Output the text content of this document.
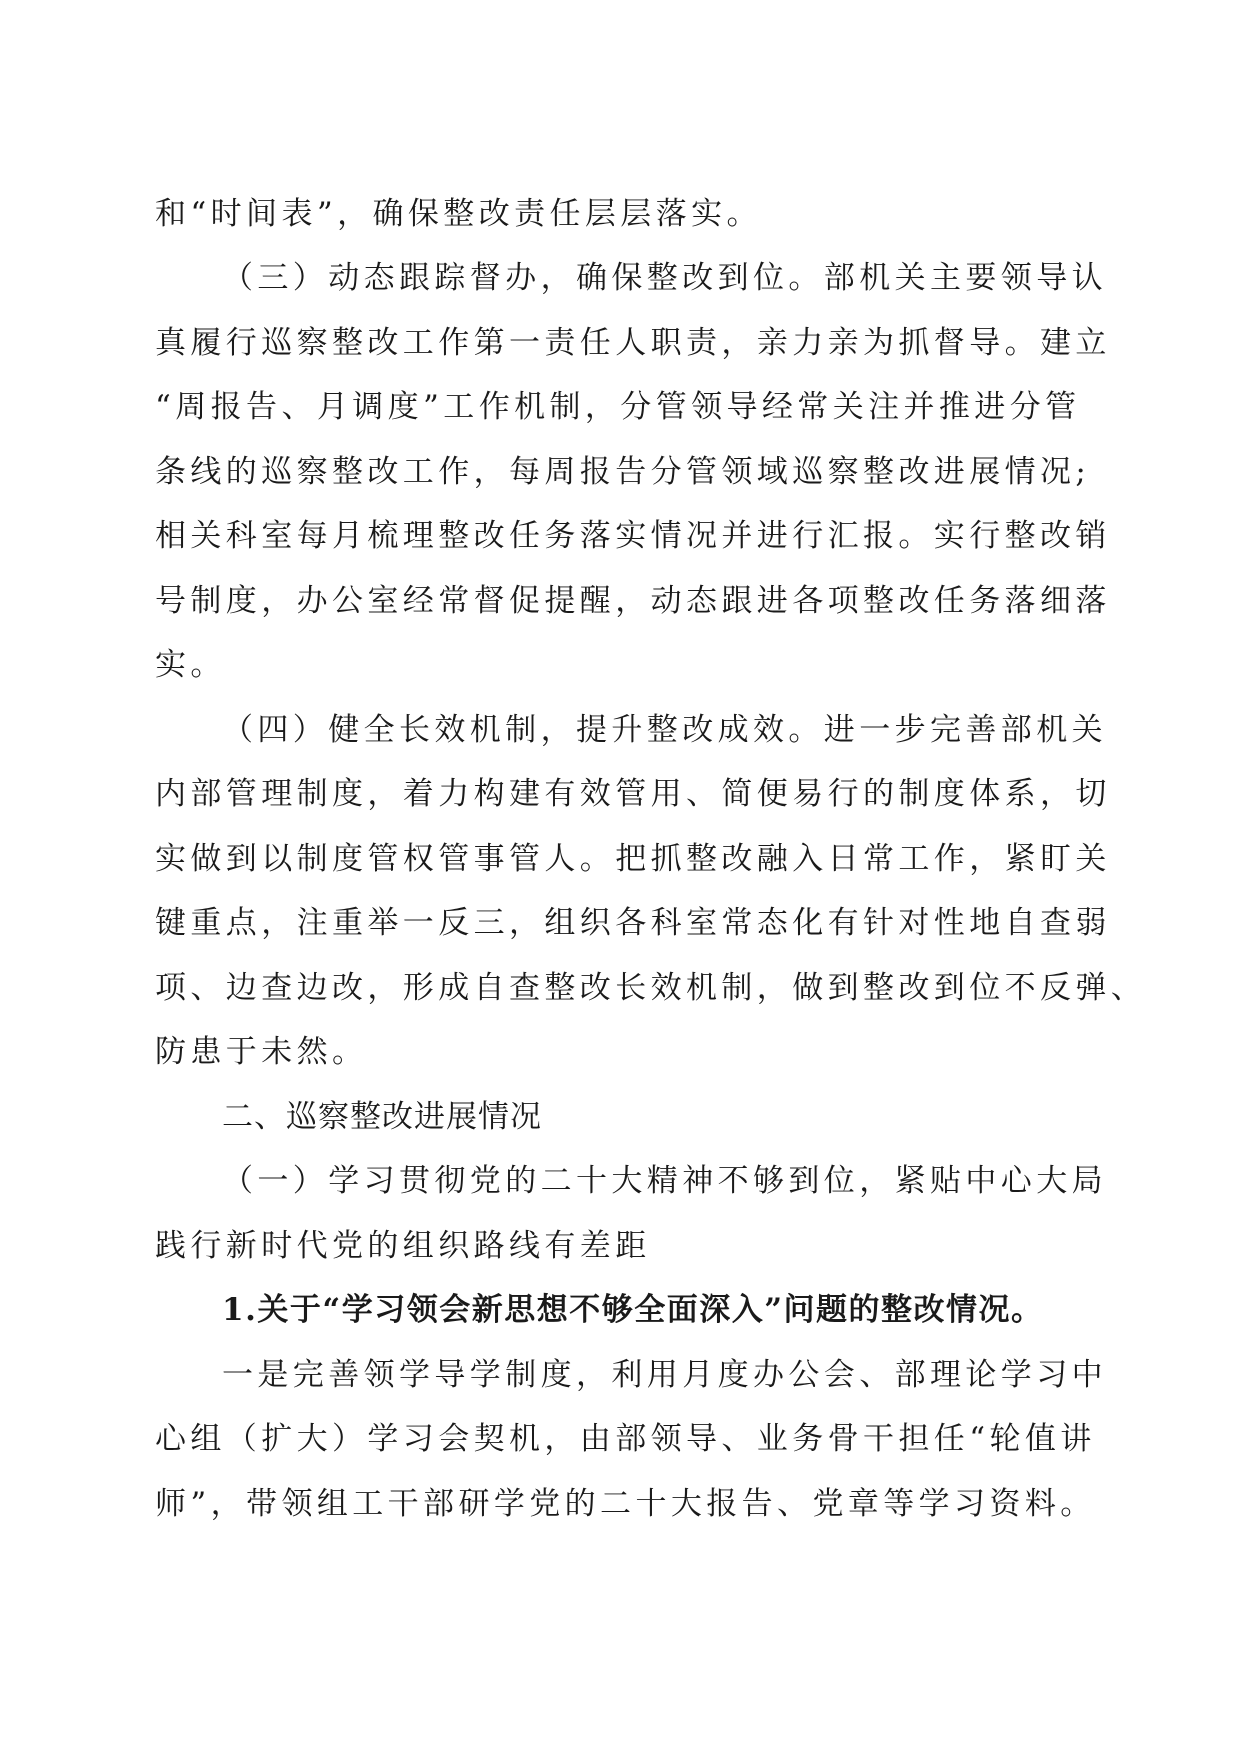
和“时间表”，确保整改责任层层落实。
（三）动态跟踪督办，确保整改到位。部机关主要领导认
真履行巡察整改工作第一责任人职责，亲力亲为抓督导。建立
“周报告、月调度”工作机制，分管领导经常关注并推进分管
条线的巡察整改工作，每周报告分管领域巡察整改进展情况;
相关科室每月梳理整改任务落实情况并进行汇报。实行整改销
号制度，办公室经常督促提醒，动态跟进各项整改任务落细落
实。
（四）健全长效机制，提升整改成效。进一步完善部机关
内部管理制度，着力构建有效管用、简便易行的制度体系，切
实做到以制度管权管事管人。把抓整改融入日常工作，紧盯关
键重点，注重举一反三，组织各科室常态化有针对性地自查弱
项、边查边改，形成自查整改长效机制，做到整改到位不反弹、
防患于未然。
二、巡察整改进展情况
（一）学习贯彻党的二十大精神不够到位，紧贴中心大局
践行新时代党的组织路线有差距
1.关于“学习领会新思想不够全面深入”问题的整改情况。
一是完善领学导学制度，利用月度办公会、部理论学习中
心组（扩大）学习会契机，由部领导、业务骨干担任“轮值讲
师”，带领组工干部研学党的二十大报告、党章等学习资料。
